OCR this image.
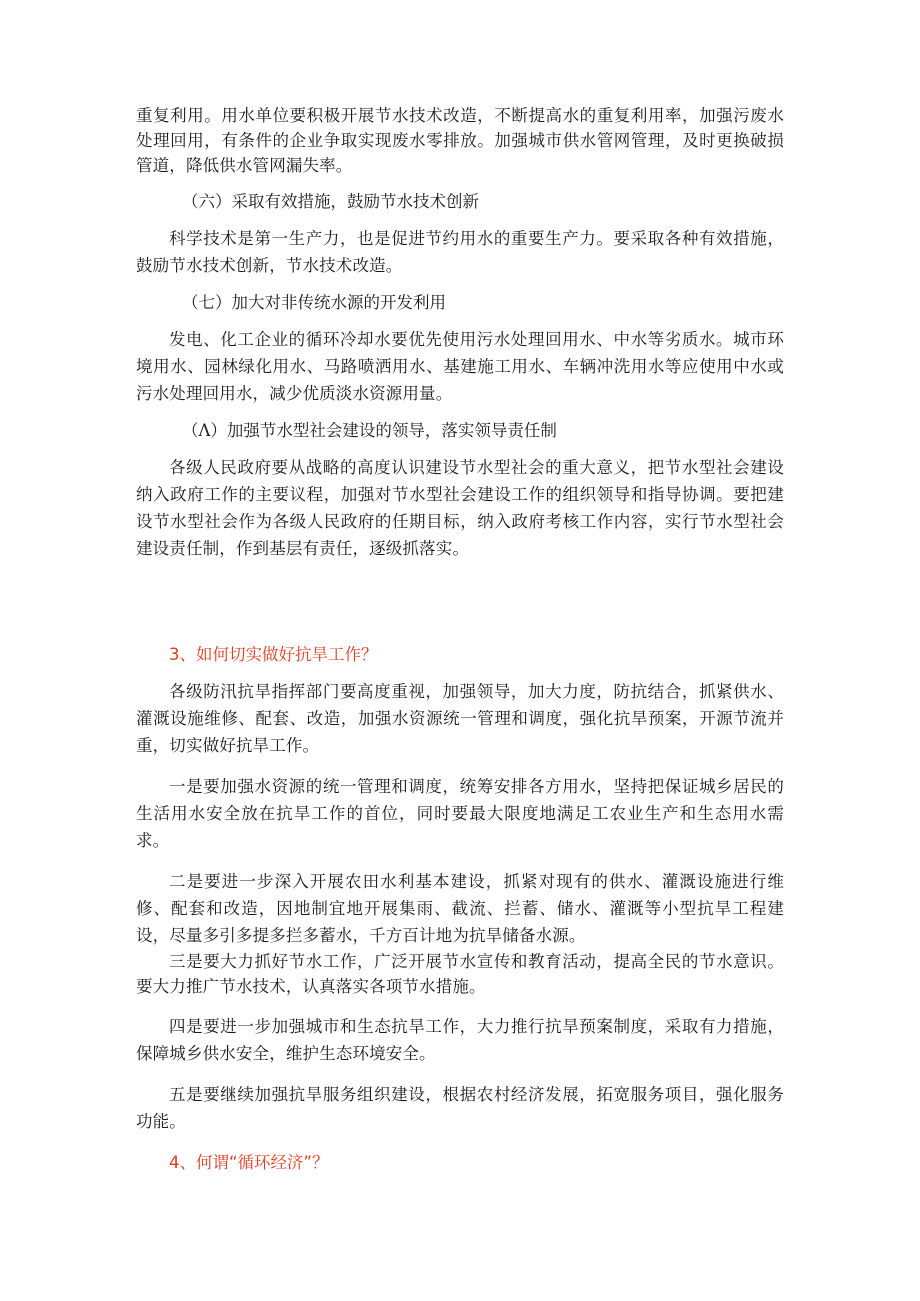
重复利用。用水单位要积极开展节水技术改造，不断提高水的重复利用率，加强污废水处理回用，有条件的企业争取实现废水零排放。加强城市供水管网管理，及时更换破损管道，降低供水管网漏失率。

（六）采取有效措施，鼓励节水技术创新

科学技术是第一生产力，也是促进节约用水的重要生产力。要采取各种有效措施，鼓励节水技术创新，节水技术改造。

（七）加大对非传统水源的开发利用

发电、化工企业的循环冷却水要优先使用污水处理回用水、中水等劣质水。城市环境用水、园林绿化用水、马路喷洒用水、基建施工用水、车辆冲洗用水等应使用中水或污水处理回用水，减少优质淡水资源用量。

（Λ）加强节水型社会建设的领导，落实领导责任制

各级人民政府要从战略的高度认识建设节水型社会的重大意义，把节水型社会建设纳入政府工作的主要议程，加强对节水型社会建设工作的组织领导和指导协调。要把建设节水型社会作为各级人民政府的任期目标，纳入政府考核工作内容，实行节水型社会建设责任制，作到基层有责任，逐级抓落实。

3、如何切实做好抗旱工作？

各级防汛抗旱指挥部门要高度重视，加强领导，加大力度，防抗结合，抓紧供水、灌溉设施维修、配套、改造，加强水资源统一管理和调度，强化抗旱预案，开源节流并重，切实做好抗旱工作。

一是要加强水资源的统一管理和调度，统筹安排各方用水，坚持把保证城乡居民的生活用水安全放在抗旱工作的首位，同时要最大限度地满足工农业生产和生态用水需求。

二是要进一步深入开展农田水利基本建设，抓紧对现有的供水、灌溉设施进行维修、配套和改造，因地制宜地开展集雨、截流、拦蓄、储水、灌溉等小型抗旱工程建设，尽量多引多提多拦多蓄水，千方百计地为抗旱储备水源。

三是要大力抓好节水工作，广泛开展节水宣传和教育活动，提高全民的节水意识。要大力推广节水技术，认真落实各项节水措施。

四是要进一步加强城市和生态抗旱工作，大力推行抗旱预案制度，采取有力措施，保障城乡供水安全，维护生态环境安全。

五是要继续加强抗旱服务组织建设，根据农村经济发展，拓宽服务项目，强化服务功能。

4、何谓“循环经济”？
